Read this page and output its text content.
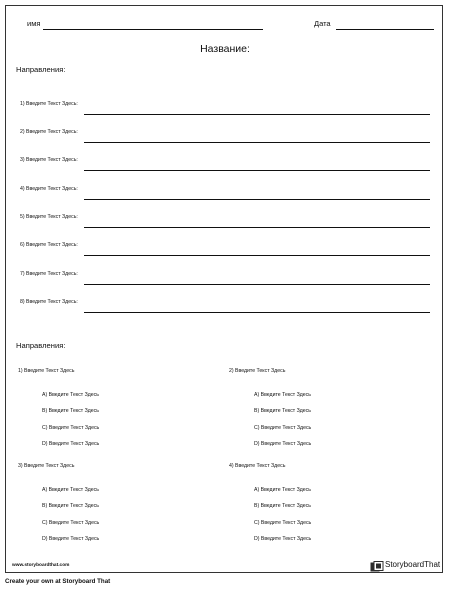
имя	Дата
Название:
Направления:
1) Введите Текст Здесь:
2) Введите Текст Здесь:
3) Введите Текст Здесь:
4) Введите Текст Здесь:
5) Введите Текст Здесь:
6) Введите Текст Здесь:
7) Введите Текст Здесь:
8) Введите Текст Здесь:
Направления:
1) Введите Текст Здесь
A) Введите Текст Здесь
B) Введите Текст Здесь
C) Введите Текст Здесь
D) Введите Текст Здесь
2) Введите Текст Здесь
A) Введите Текст Здесь
B) Введите Текст Здесь
C) Введите Текст Здесь
D) Введите Текст Здесь
3) Введите Текст Здесь
A) Введите Текст Здесь
B) Введите Текст Здесь
C) Введите Текст Здесь
D) Введите Текст Здесь
4) Введите Текст Здесь
A) Введите Текст Здесь
B) Введите Текст Здесь
C) Введите Текст Здесь
D) Введите Текст Здесь
www.storyboardthat.com	StoryboardThat
Create your own at Storyboard That
